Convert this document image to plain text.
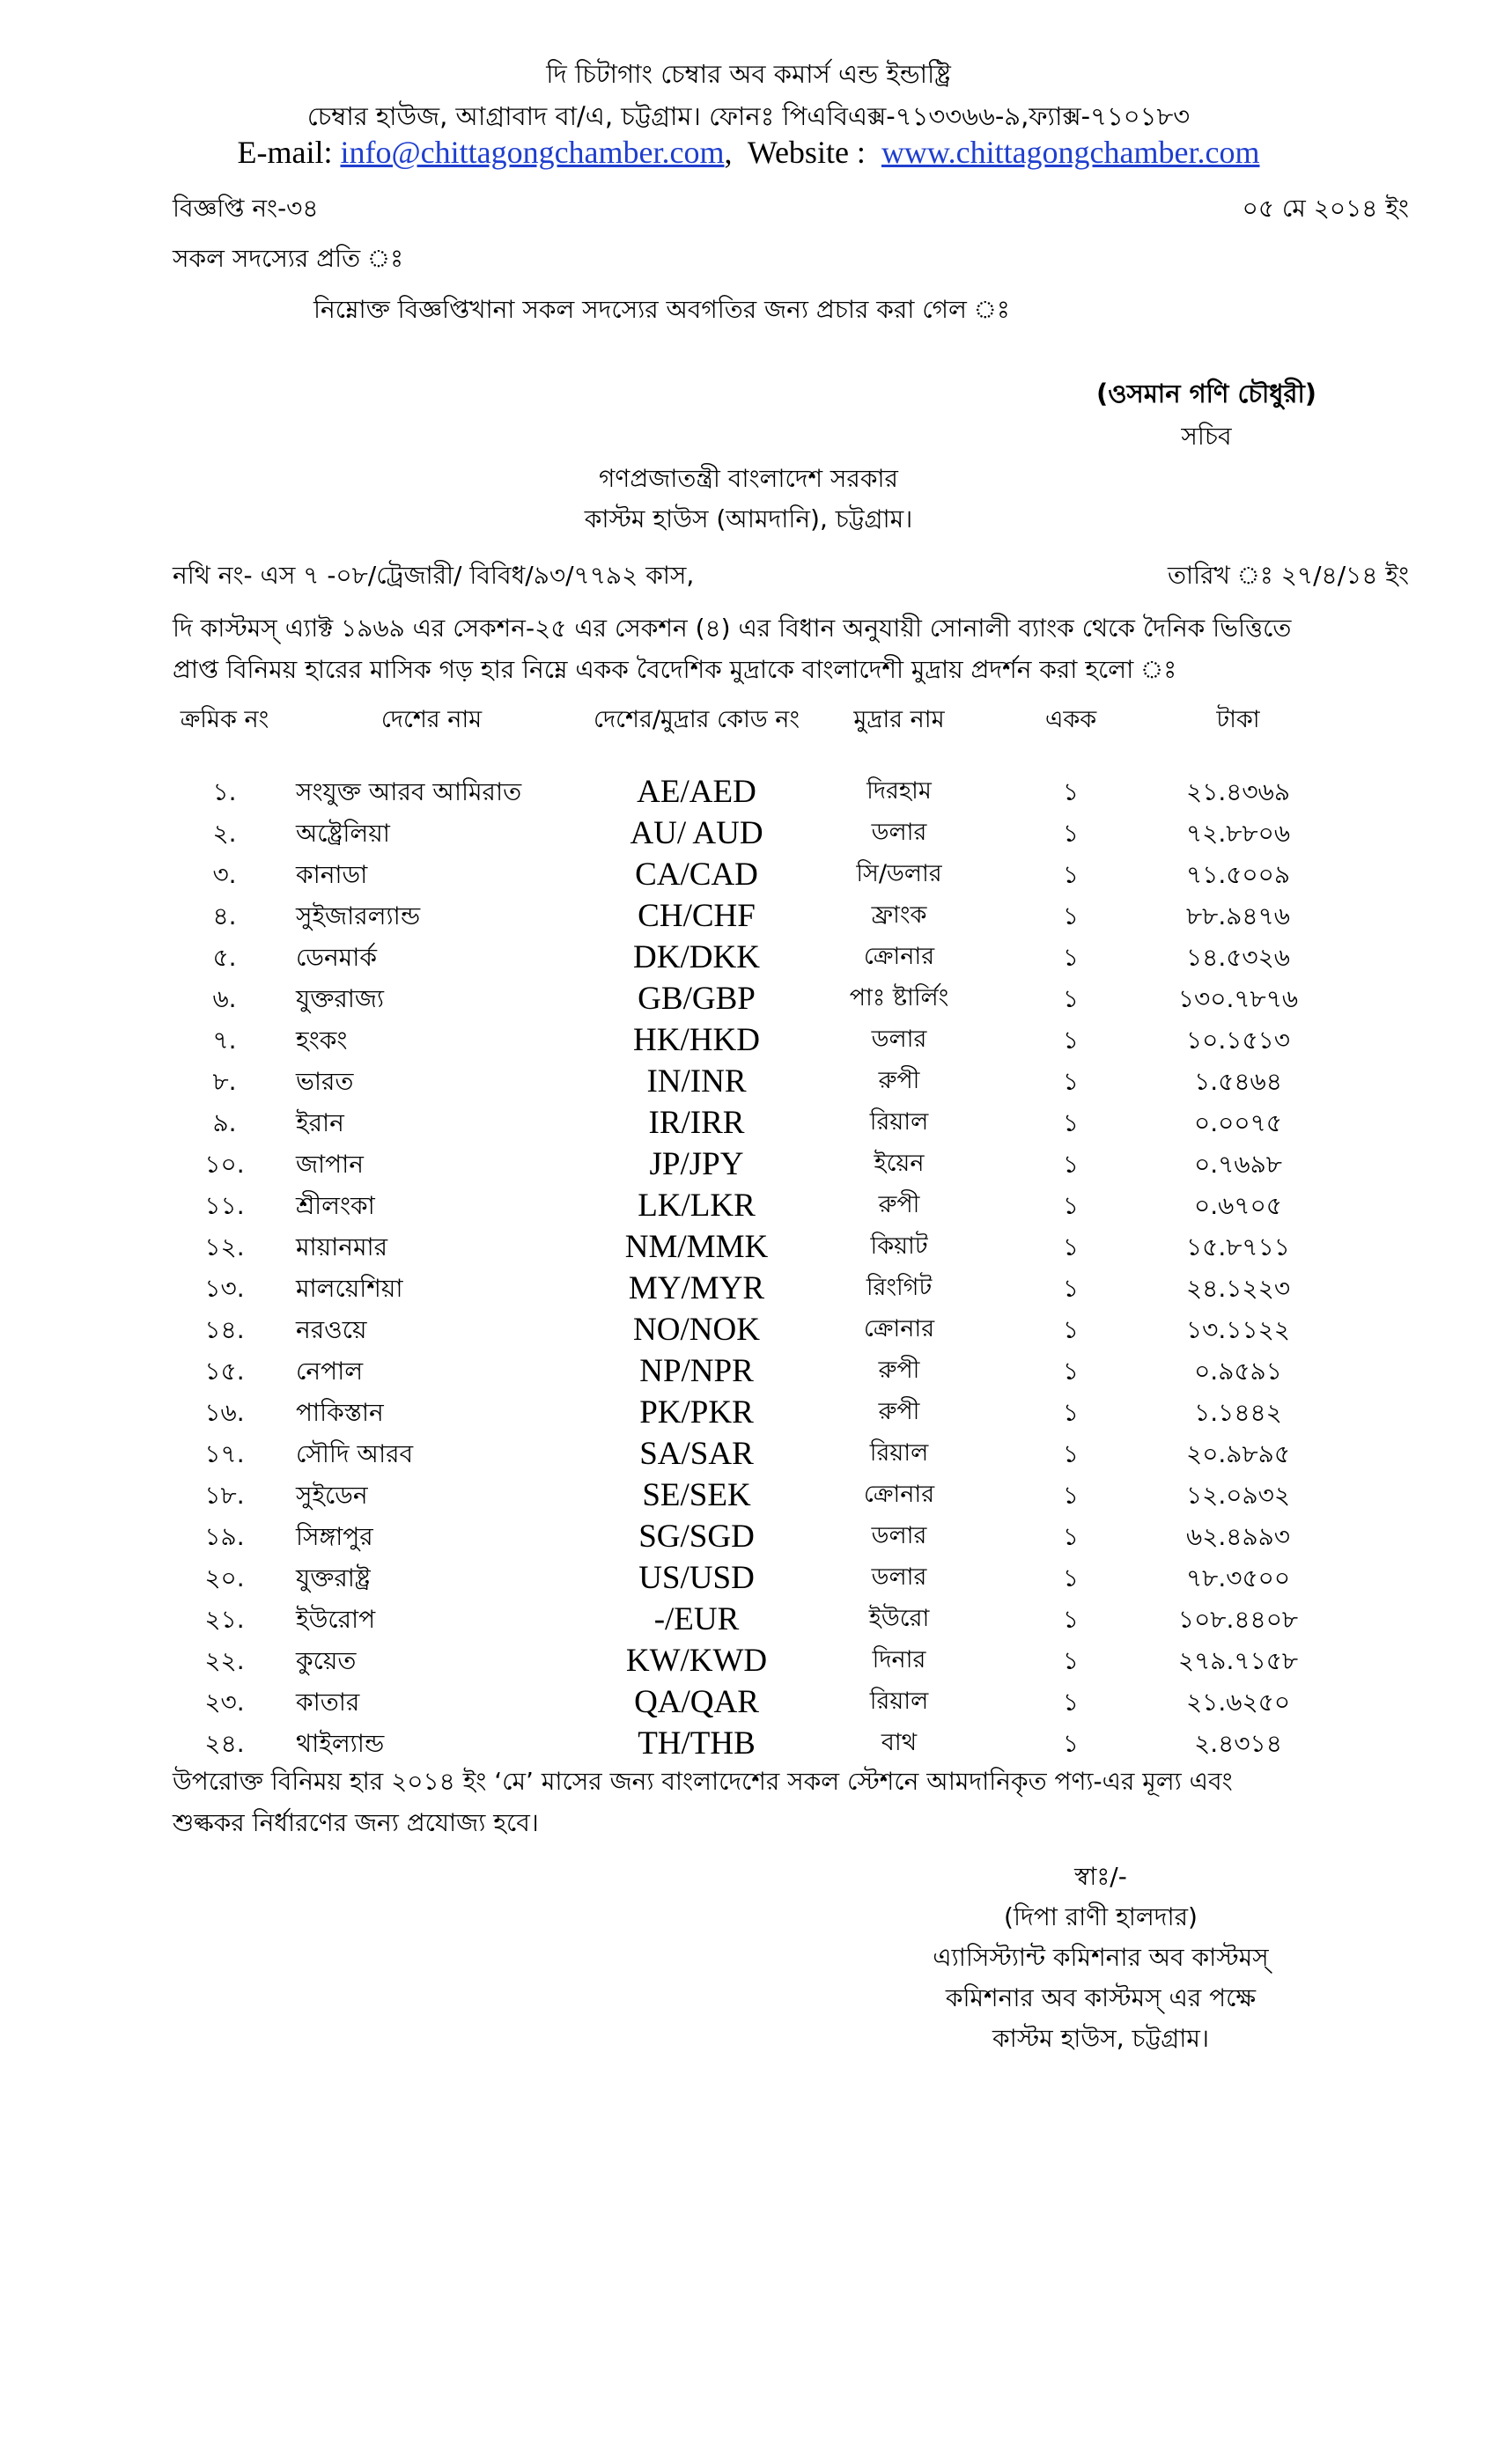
দি চিটাগাং চেম্বার অব কমার্স এন্ড ইন্ডাষ্ট্রি
চেম্বার হাউজ, আগ্রাবাদ বা/এ, চট্টগ্রাম। ফোনঃ পিএবিএক্স-৭১৩৩৬৬-৯,ফ্যাক্স-৭১০১৮৩
E-mail: info@chittagongchamber.com, Website : www.chittagongchamber.com
বিজ্ঞপ্তি নং-৩৪	০৫ মে ২০১৪ ইং
সকল সদস্যের প্রতি ঃ
নিম্নোক্ত বিজ্ঞপ্তিখানা সকল সদস্যের অবগতির জন্য প্রচার করা গেল ঃ
(ওসমান গণি চৌধুরী)
সচিব
গণপ্রজাতন্ত্রী বাংলাদেশ সরকার
কাস্টম হাউস (আমদানি), চট্টগ্রাম।
নথি নং- এস ৭ -০৮/ট্রেজারী/ বিবিধ/৯৩/৭৭৯২ কাস,	তারিখ ঃ ২৭/৪/১৪ ইং
দি কাস্টমস্ এ্যাক্ট ১৯৬৯ এর সেকশন-২৫ এর সেকশন (৪) এর বিধান অনুযায়ী সোনালী ব্যাংক থেকে দৈনিক ভিত্তিতে
প্রাপ্ত বিনিময় হারের মাসিক গড় হার নিম্নে একক বৈদেশিক মুদ্রাকে বাংলাদেশী মুদ্রায় প্রদর্শন করা হলো ঃ
ক্রমিক নং	দেশের নাম	দেশের/মুদ্রার কোড নং	মুদ্রার নাম	একক	টাকা
১.	সংযুক্ত আরব আমিরাত	AE/AED	দিরহাম	১	২১.৪৩৬৯
২.	অষ্ট্রেলিয়া	AU/ AUD	ডলার	১	৭২.৮৮০৬
৩.	কানাডা	CA/CAD	সি/ডলার	১	৭১.৫০০৯
৪.	সুইজারল্যান্ড	CH/CHF	ফ্রাংক	১	৮৮.৯৪৭৬
৫.	ডেনমার্ক	DK/DKK	ক্রোনার	১	১৪.৫৩২৬
৬.	যুক্তরাজ্য	GB/GBP	পাঃ ষ্টার্লিং	১	১৩০.৭৮৭৬
৭.	হংকং	HK/HKD	ডলার	১	১০.১৫১৩
৮.	ভারত	IN/INR	রুপী	১	১.৫৪৬৪
৯.	ইরান	IR/IRR	রিয়াল	১	০.০০৭৫
১০.	জাপান	JP/JPY	ইয়েন	১	০.৭৬৯৮
১১.	শ্রীলংকা	LK/LKR	রুপী	১	০.৬৭০৫
১২.	মায়ানমার	NM/MMK	কিয়াট	১	১৫.৮৭১১
১৩.	মালয়েশিয়া	MY/MYR	রিংগিট	১	২৪.১২২৩
১৪.	নরওয়ে	NO/NOK	ক্রোনার	১	১৩.১১২২
১৫.	নেপাল	NP/NPR	রুপী	১	০.৯৫৯১
১৬.	পাকিস্তান	PK/PKR	রুপী	১	১.১৪৪২
১৭.	সৌদি আরব	SA/SAR	রিয়াল	১	২০.৯৮৯৫
১৮.	সুইডেন	SE/SEK	ক্রোনার	১	১২.০৯৩২
১৯.	সিঙ্গাপুর	SG/SGD	ডলার	১	৬২.৪৯৯৩
২০.	যুক্তরাষ্ট্র	US/USD	ডলার	১	৭৮.৩৫০০
২১.	ইউরোপ	-/EUR	ইউরো	১	১০৮.৪৪০৮
২২.	কুয়েত	KW/KWD	দিনার	১	২৭৯.৭১৫৮
২৩.	কাতার	QA/QAR	রিয়াল	১	২১.৬২৫০
২৪.	থাইল্যান্ড	TH/THB	বাথ	১	২.৪৩১৪
উপরোক্ত বিনিময় হার ২০১৪ ইং ‘মে’ মাসের জন্য বাংলাদেশের সকল স্টেশনে আমদানিকৃত পণ্য-এর মূল্য এবং
শুল্ককর নির্ধারণের জন্য প্রযোজ্য হবে।
স্বাঃ/-
(দিপা রাণী হালদার)
এ্যাসিস্ট্যান্ট কমিশনার অব কাস্টমস্
কমিশনার অব কাস্টমস্ এর পক্ষে
কাস্টম হাউস, চট্টগ্রাম।
